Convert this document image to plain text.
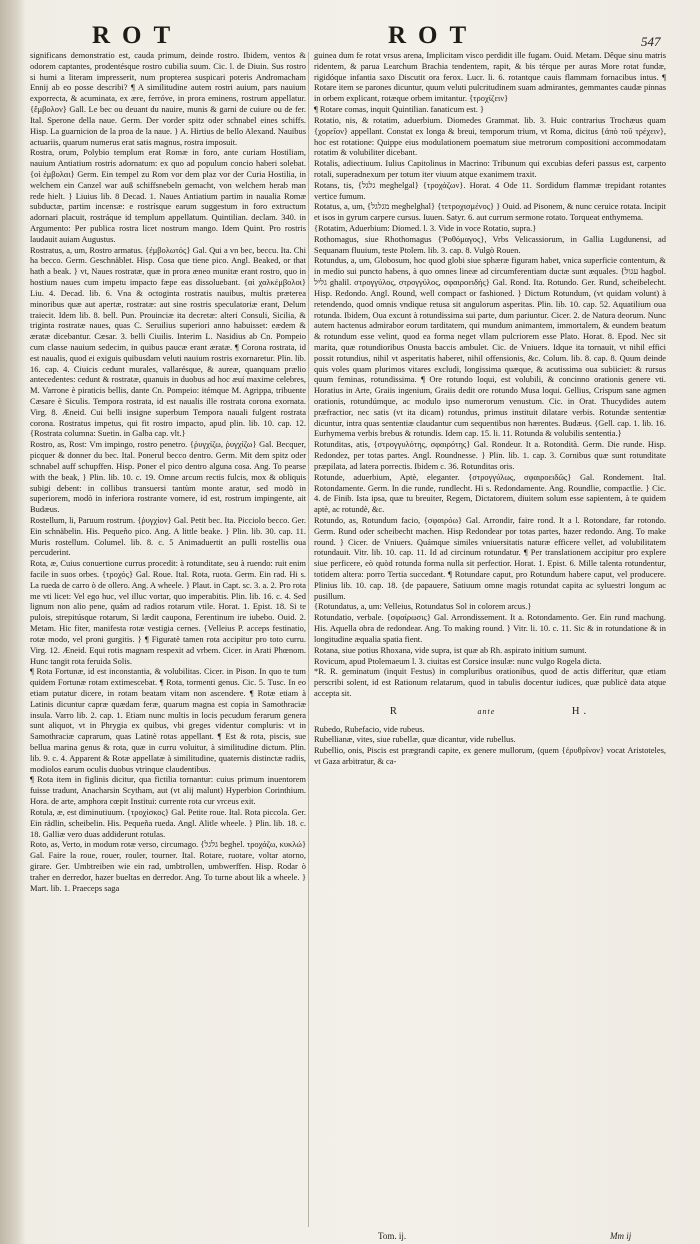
ROT	ROT	547

significans demonstratio est, cauda primum, deinde rostro. Ibidem, ventos & odorem captantes, prodentésque rostro cubilia suum. Cic. l. de Diuin. Sus rostro si humi a literam impresserit, num propterea suspicari poteris Andromacham Ennij ab eo posse describi? ¶ A similitudine autem rostri auium, pars nauium exporrecta, & acuminata, ex ære, ferróve, in prora eminens, rostrum appellatur. {ἔμβολον} Gall. Le bec ou deuant du nauire, munis & garni de cuiure ou de fer. Ital. Sperone della naue. Germ. Der vorder spitz oder schnabel eines schiffs. Hisp. La guarnicion de la proa de la naue. } A. Hirtius de bello Alexand. Nauibus actuariis, quarum numerus erat satis magnus, rostra imposuit.

Rostra, orum, Polybio templum erat Romæ in foro, ante curiam Hostiliam, nauium Antiatium rostris adornatum: ex quo ad populum concio haberi solebat. {οἱ ἐμβολαι} Germ. Ein tempel zu Rom vor dem plaz vor der Curia Hostilia, in welchem ein Canzel war auß schiffsnebeln gemacht, von welchem herab man rede hielt. } Liuius lib. 8 Decad. 1. Naues Antiatium partim in naualia Romæ subductæ, partim incensæ: e rostrísque earum suggestum in foro extructum adornari placuit, rostráque id templum appellatum. Quintilian. declam. 340. in Argumento: Per publica rostra licet nostrum mango. Idem Quint. Pro rostris laudauit auiam Augustus.

Rostratus, a, um, Rostro armatus. {ἐμβολωτός} Gal. Qui a vn bec, beccu. Ita. Chi ha becco. Germ. Geschnäblet. Hisp. Cosa que tiene pico. Angl. Beaked, or that hath a beak. } vt, Naues rostratæ, quæ in prora æneo munitæ erant rostro, quo in hostium naues cum impetu impacto fæpe eas dissoluebant. {αἱ χαλκέμβολοι} Liu. 4. Decad. lib. 6. Vna & octoginta rostratis nauibus, multis præterea minoribus quæ aut apertæ, rostratæ: aut sine rostris speculatoriæ erant, Delum traiecit. Idem lib. 8. bell. Pun. Prouinciæ ita decretæ: alteri Consuli, Sicilia, & triginta rostratæ naues, quas C. Seruilius superiori anno habuisset: eædem & æratæ dicebantur. Cæsar. 3. belli Ciuilis. Interim L. Nasidius ab Cn. Pompeio cum classe nauium sedecim, in quibus paucæ erant æratæ. ¶ Corona rostrata, id est naualis, quod ei exiguis quibusdam veluti nauium rostris exornaretur. Plin. lib. 16. cap. 4. Ciuicis cedunt murales, vallarésque, & aureæ, quanquam prælio antecedentes: cedunt & rostratæ, quanuis in duobus ad hoc æuí maxime celebres, M. Varrone è piraticis bellis, dante Cn. Pompeio: itémque M. Agrippa, tribuente Cæsare è Siculis. Tempora rostrata, id est naualis ille rostrata corona exornata. Virg. 8. Æneid. Cui belli insigne superbum Tempora nauali fulgent rostrata corona. Rostratus impetus, qui fit rostro impacto, apud plin. lib. 10. cap. 12. {Rostrata columna: Suetin. in Galba cap. vlt.}

Rostro, as, Rost: Vm impingo, rostro penetro. {ῥυγχίζω, ῥυγχίζω} Gal. Becquer, picquer & donner du bec. Ital. Ponerul becco dentro. Germ. Mit dem spitz oder schnabel auff schupffen. Hisp. Poner el pico dentro alguna cosa. Ang. To pearse with the beak, } Plin. lib. 10. c. 19. Omne arcum rectis fulcis, mox & obliquis subigi debent: in collibus transuersi tantùm monte aratur, sed modò in superiorem, modò in inferiora rostrante vomere, id est, rostrum impingente, ait Budæus.

Rostellum, li, Paruum rostrum. {ῥυγχίον} Gal. Petit bec. Ita. Picciolo becco. Ger. Ein schnäbelin. His. Pequeño pico. Ang. A little beake. } Plin. lib. 30. cap. 11. Muris rostellum. Columel. lib. 8. c. 5 Animaduertit an pulli rostellis oua percuderint.

Rota, æ, Cuius conuertione currus procedit: à rotunditate, seu à ruendo: ruit enim facile in suos orbes. {τροχός} Gal. Roue. Ital. Rota, ruota. Germ. Ein rad. Hi s. La rueda de carro ò de ollero. Ang. A wheele. } Plaut. in Capt. sc. 3. a. 2. Pro rota me vti licet: Vel ego huc, vel illuc vortar, quo imperabitis. Plin. lib. 16. c. 4. Sed lignum non alio pene, quám ad radios rotarum vtile. Horat. 1. Epist. 18. Si te pulois, strepitúsque rotarum, Si lædit caupona, Ferentinum ire iubebo. Ouid. 2. Metam. Hic fiter, manifesta rotæ vestigia cernes. {Velleius P. acceps festinatio, rotæ modo, vel proni gurgitis. } ¶ Figuratè tamen rota accipitur pro toto curru. Virg. 12. Æneid. Equi rotis magnam respexit ad vrbem. Cicer. in Arati Phœnom. Hunc tangit rota feruida Solis.

¶ Rota Fortunæ, id est inconstantia, & volubilitas. Cicer. in Pison. In quo te tum quidem Fortunæ rotam extimescebat. ¶ Rota, tormenti genus. Cic. 5. Tusc. In eo etiam putatur dicere, in rotam beatam vitam non ascendere. ¶ Rotæ etiam à Latinis dicuntur capræ quædam feræ, quarum magna est copia in Samothraciæ insula. Varro lib. 2. cap. 1. Etiam nunc multis in locis pecudum ferarum genera sunt aliquot, vt in Phrygia ex quibus, vbi greges videntur compluris: vt in Samothraciæ caprarum, quas Latinè rotas appellant. ¶ Est & rota, piscis, sue bellua marina genus & rota, quæ in curru voluitur, à similitudine dictum. Plin. lib. 9. c. 4. Apparent & Rotæ appellatæ à similitudine, quaternis distinctæ radiis, modiolos earum oculis duobus vtrinque claudentibus.

¶ Rota item in figlinis dicitur, qua fictilia tornantur: cuius primum inuentorem fuisse tradunt, Anacharsin Scytham, aut (vt alij malunt) Hyperbion Corinthium. Hora. de arte, amphora cœpit Institui: currente rota cur vrceus exit.

Rotula, æ, est diminutiuum. {τροχίσκος} Gal. Petite roue. Ital. Rota piccola. Ger. Ein rädlin, scheibelin. His. Pequeña rueda. Angl. Alitle wheele. } Plin. lib. 18. c. 18. Galliæ vero duas addiderunt rotulas.

Roto, as, Verto, in modum rotæ verso, circumago. {גלגל beghel. τροχάζω, κυκλώ} Gal. Faire la roue, rouer, rouler, tourner. Ital. Rotare, ruotare, voltar atorno, girare. Ger. Umbtreiben wie ein rad, umbtrollen, umbwerffen. Hisp. Rodar ò traher en derredor, hazer bueltas en derredor. Ang. To turne about lik a wheele. } Mart. lib. 1. Praeceps saga

guinea dum fe rotat vrsus arena, Implicitam visco perdidit ille fugam. Ouid. Metam. Dêque sinu matris ridentem, & parua Learchum Brachia tendentem, rapit, & bis térque per auras More rotat fundæ, rigidóque infantia saxo Discutit ora ferox. Lucr. li. 6. rotantque cauis flammam fornacibus intus. ¶ Rotare item se parones dicuntur, quum veluti pulcritudinem suam admirantes, gemmantes caudæ pinnas in orbem explicant, rotæque orbem imitantur. {τροχίζειν}

¶ Rotare comas, inquit Quintilian. fanaticum est. }

Rotatio, nis, & rotatim, aduerbium. Diomedes Grammat. lib. 3. Huic contrarius Trochæus quam {χορεῖον} appellant. Constat ex longa & breui, temporum trium, vt Roma, dicitus {ἀπὸ τοῦ τρέχειν}, hoc est rotatione: Quippe eius modulationem poematum siue metrorum compositioni accommodatam rotatim & volubiliter dicebant.

Rotalis, adiectiuum. Iulius Capitolinus in Macrino: Tribunum qui excubias deferi passus est, carpento rotali, superadnexum per totum iter viuum atque exanimem traxit.

Rotans, tis, {גלגל meghelgal} {τροχάζων}. Horat. 4 Ode 11. Sordidum flammæ trepidant rotantes vertice fumum.

Rotatus, a, um, {מגלגל meghelghal} {τετροχισμένος} } Ouid. ad Pisonem, & nunc ceruice rotata. Incipit et isos in gyrum carpere cursus. Iuuen. Satyr. 6. aut currum sermone rotato. Torqueat enthymema.

{Rotatim, Aduerbium: Diomed. l. 3. Vide in voce Rotatio, supra.}

Rothomagus, siue Rhothomagus {Ῥοθόμαγος}, Vrbs Velicassiorum, in Gallia Lugdunensi, ad Sequanam fluuium, teste Ptolem. lib. 3. cap. 8. Vulgò Rouen.

Rotundus, a, um, Globosum, hoc quod globi siue sphæræ figuram habet, vnica superficie contentum, & in medio sui puncto habens, à quo omnes lineæ ad circumferentiam ductæ sunt æquales. {עגול hagbol. גליל ghalil. στρογγύλος, στρογγύλος, σφαιροειδής} Gal. Rond. Ita. Rotundo. Ger. Rund, scheibelecht. Hisp. Redondo. Angl. Round, well compact or fashioned. } Dictum Rotundum, (vt quidam volunt) à retendendo, quod omnis vndique retusa sit angulorum asperitas. Plin. lib. 10. cap. 52. Aquatilium oua rotunda. Ibidem, Oua excunt à rotundissima sui parte, dum pariuntur. Cicer. 2. de Natura deorum. Nunc autem hactenus admirabor eorum tarditatem, qui mundum animantem, immortalem, & eundem beatum & rotundum esse velint, quod ea forma neget vllam pulcriorem esse Plato. Horat. 8. Epod. Nec sit marita, quæ rotundioribus Onusta baccis ambulet. Cic. de Vniuers. Idque ita tornauit, vt nihil effici possit rotundius, nihil vt asperitatis haberet, nihil offensionis, &c. Colum. lib. 8. cap. 8. Quum deinde quis voles quam plurimos vitares excludi, longissima quæque, & acutissima oua subiiciet: & rursus quum feminas, rotundissima. ¶ Ore rotundo loqui, est volubili, & concinno orationis genere vti. Horatius in Arte, Graiis ingenium, Graiis dedit ore rotundo Musa loqui. Gellius, Crispum sane agmen orationis, rotundúmque, ac modulo ipso numerorum venustum. Cic. in Orat. Thucydides autem præfractior, nec satis (vt ita dicam) rotundus, primus instituit dilatare verbis. Rotundæ sententiæ dicuntur, intra quas sententiæ claudantur cum sequentibus non hærentes. Budæus. {Gell. cap. 1. lib. 16. Eurhymema verbis brebus & rotundis. Idem cap. 15. li. 11. Rotunda & volubilis sententia.}

Rotunditas, atis, {στρογγυλότης, σφαιρότης} Gal. Rondeur. It a. Rotondità. Germ. Die runde. Hisp. Redondez, per totas partes. Angl. Roundnesse. } Plin. lib. 1. cap. 3. Cornibus quæ sunt rotunditate præpilata, ad latera porrectis. Ibidem c. 36. Rotunditas oris.

Rotunde, aduerbium, Aptè, eleganter. {στρογγύλως, σφαιροειδῶς} Gal. Rondement. Ital. Rotondamente. Germ. In die runde, rundlecht. Hi s. Redondamente. Ang. Roundlie, compactlie. } Cic. 4. de Finib. Ista ipsa, quæ tu breuiter, Regem, Dictatorem, diuitem solum esse sapientem, à te quidem aptè, ac rotundè, &c.

Rotundo, as, Rotundum facio, {σφαιρόω} Gal. Arrondir, faire rond. It a l. Rotondare, far rotondo. Germ. Rund oder scheibecht machen. Hisp Redondear por totas partes, hazer redondo. Ang. To make round. } Cicer. de Vniuers. Quámque similes vniuersitatis naturæ efficere vellet, ad volubilitatem rotundauit. Vitr. lib. 10. cap. 11. Id ad circinum rotundatur. ¶ Per translationem accipitur pro explere siue perficere, eò quòd rotunda forma nulla sit perfectior. Horat. 1. Epist. 6. Mille talenta rotundentur, totidem altera: porro Tertia succedant. ¶ Rotundare caput, pro Rotundum habere caput, vel producere. Plinius lib. 10. cap. 18. {de papauere, Satiuum omne magis rotundat capita ac syluestri longum ac pusillum.

{Rotundatus, a, um: Velleius, Rotundatus Sol in colorem arcus.}

Rotundatio, verbale. {σφαίρωσις} Gal. Arrondissement. It a. Rotondamento. Ger. Ein rund machung. His. Aquella obra de redondear. Ang. To making round. } Vitr. li. 10. c. 11. Sic & in rotundatione & in longitudine æqualia spatia fient.

Rotana, siue potius Rhoxana, vide supra, ist quæ ab Rh. aspirato initium sumunt.

Rovicum, apud Ptolemaeum l. 3. ciuitas est Corsice insulæ: nunc vulgo Rogela dicta.

*R. R. geminatum (inquit Festus) in compluribus orationibus, quod de actis differitur, quæ etiam perscribi solent, id est Rationum relatarum, quod in tabulis docentur iudices, quæ publicè data atque accepta sit.

R	ante	H.

Rubedo, Rubefacio, vide rubeus.

Rubellianæ, vites, siue rubellæ, quæ dicantur, vide rubellus.

Rubellio, onis, Piscis est prægrandi capite, ex genere mullorum, (quem {ἐρυθρῖνον} vocat Aristoteles, vt Gaza arbitratur, & ca-

Tom. ij.	Mm ij
